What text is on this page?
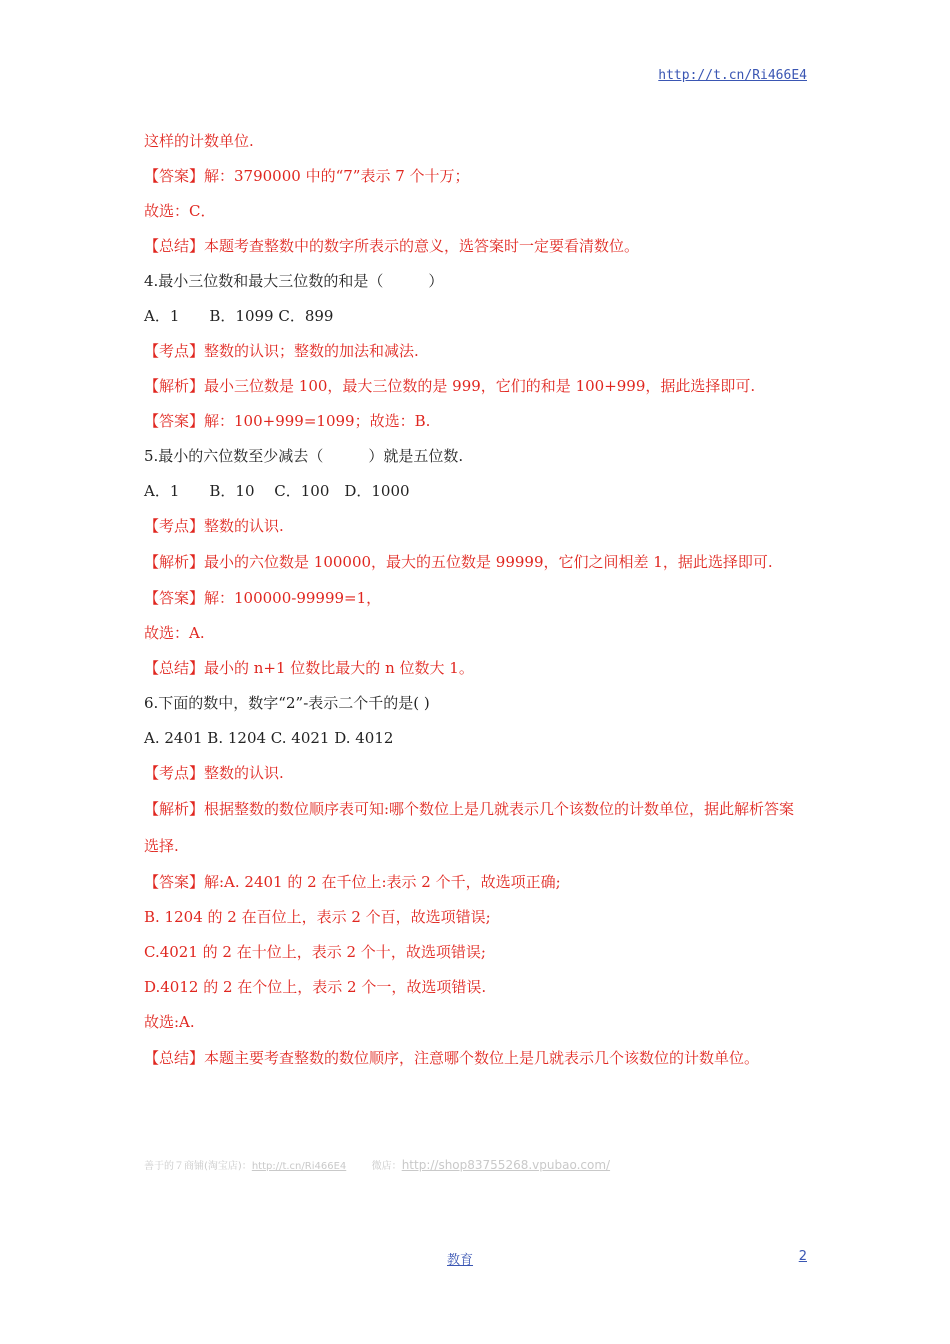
http://t.cn/Ri466E4
这样的计数单位.
【答案】解：3790000 中的“7”表示 7 个十万；
故选：C．
【总结】本题考查整数中的数字所表示的意义，选答案时一定要看清数位。
4.最小三位数和最大三位数的和是（　　　）
A．1　　B．1099 C．899
【考点】整数的认识；整数的加法和减法.
【解析】最小三位数是 100，最大三位数的是 999，它们的和是 100+999，据此选择即可.
【答案】解：100+999=1099；故选：B.
5.最小的六位数至少减去（　　　）就是五位数.
A．1　　B．10　 C．100　D．1000
【考点】整数的认识.
【解析】最小的六位数是 100000，最大的五位数是 99999，它们之间相差 1，据此选择即可.
【答案】解：100000-99999=1，
故选：A.
【总结】最小的 n+1 位数比最大的 n 位数大 1。
6.下面的数中，数字“2”-表示二个千的是( )
A. 2401 B. 1204 C. 4021 D. 4012
【考点】整数的认识.
【解析】根据整数的数位顺序表可知:哪个数位上是几就表示几个该数位的计数单位，据此解析答案选择.
【答案】解:A. 2401 的 2 在千位上:表示 2 个千，故选项正确;
B. 1204 的 2 在百位上，表示 2 个百，故选项错误;
C.4021 的 2 在十位上，表示 2 个十，故选项错误;
D.4012 的 2 在个位上，表示 2 个一，故选项错误.
故选:A.
【总结】本题主要考查整数的数位顺序，注意哪个数位上是几就表示几个该数位的计数单位。
善于的７商铺(淘宝店)：http://t.cn/Ri466E4	微店：http://shop83755268.vpubao.com/
教育	2
